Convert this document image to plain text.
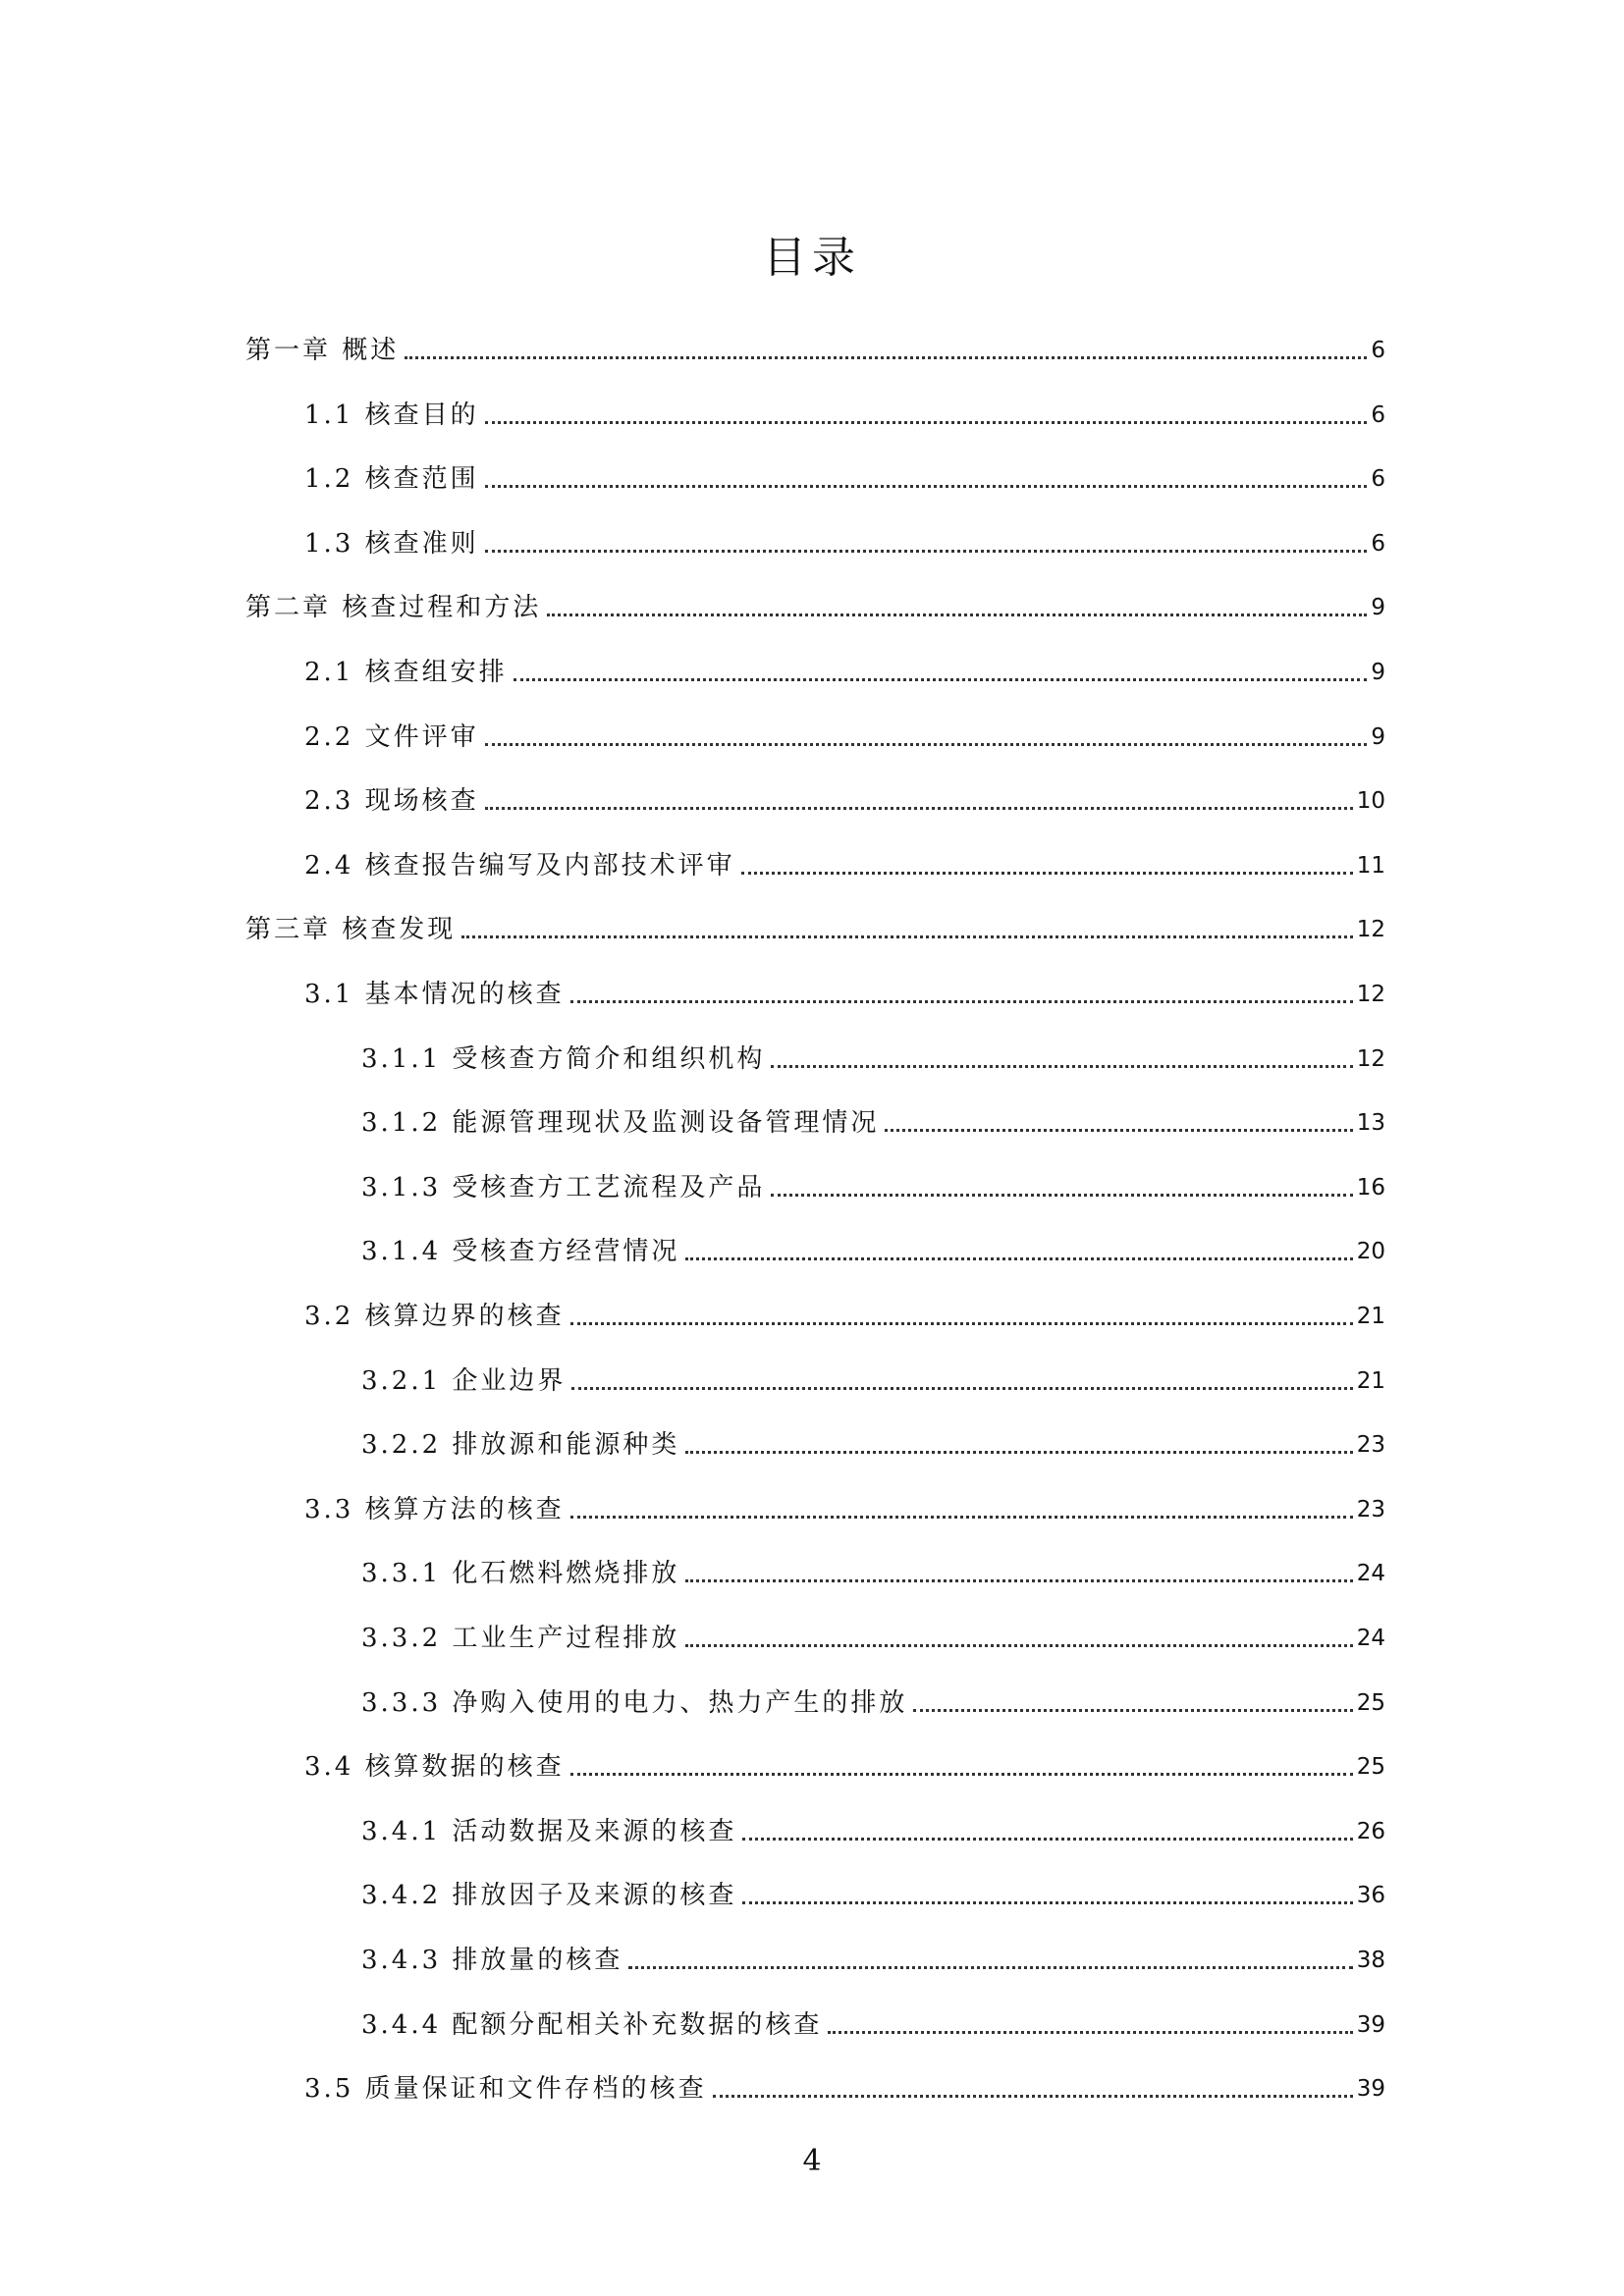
目录
第一章 概述	6
1.1 核查目的	6
1.2 核查范围	6
1.3 核查准则	6
第二章 核查过程和方法	9
2.1 核查组安排	9
2.2 文件评审	9
2.3 现场核查	10
2.4 核查报告编写及内部技术评审	11
第三章 核查发现	12
3.1 基本情况的核查	12
3.1.1 受核查方简介和组织机构	12
3.1.2 能源管理现状及监测设备管理情况	13
3.1.3 受核查方工艺流程及产品	16
3.1.4 受核查方经营情况	20
3.2 核算边界的核查	21
3.2.1 企业边界	21
3.2.2 排放源和能源种类	23
3.3 核算方法的核查	23
3.3.1 化石燃料燃烧排放	24
3.3.2 工业生产过程排放	24
3.3.3 净购入使用的电力、热力产生的排放	25
3.4 核算数据的核查	25
3.4.1 活动数据及来源的核查	26
3.4.2 排放因子及来源的核查	36
3.4.3 排放量的核查	38
3.4.4 配额分配相关补充数据的核查	39
3.5 质量保证和文件存档的核查	39
4
